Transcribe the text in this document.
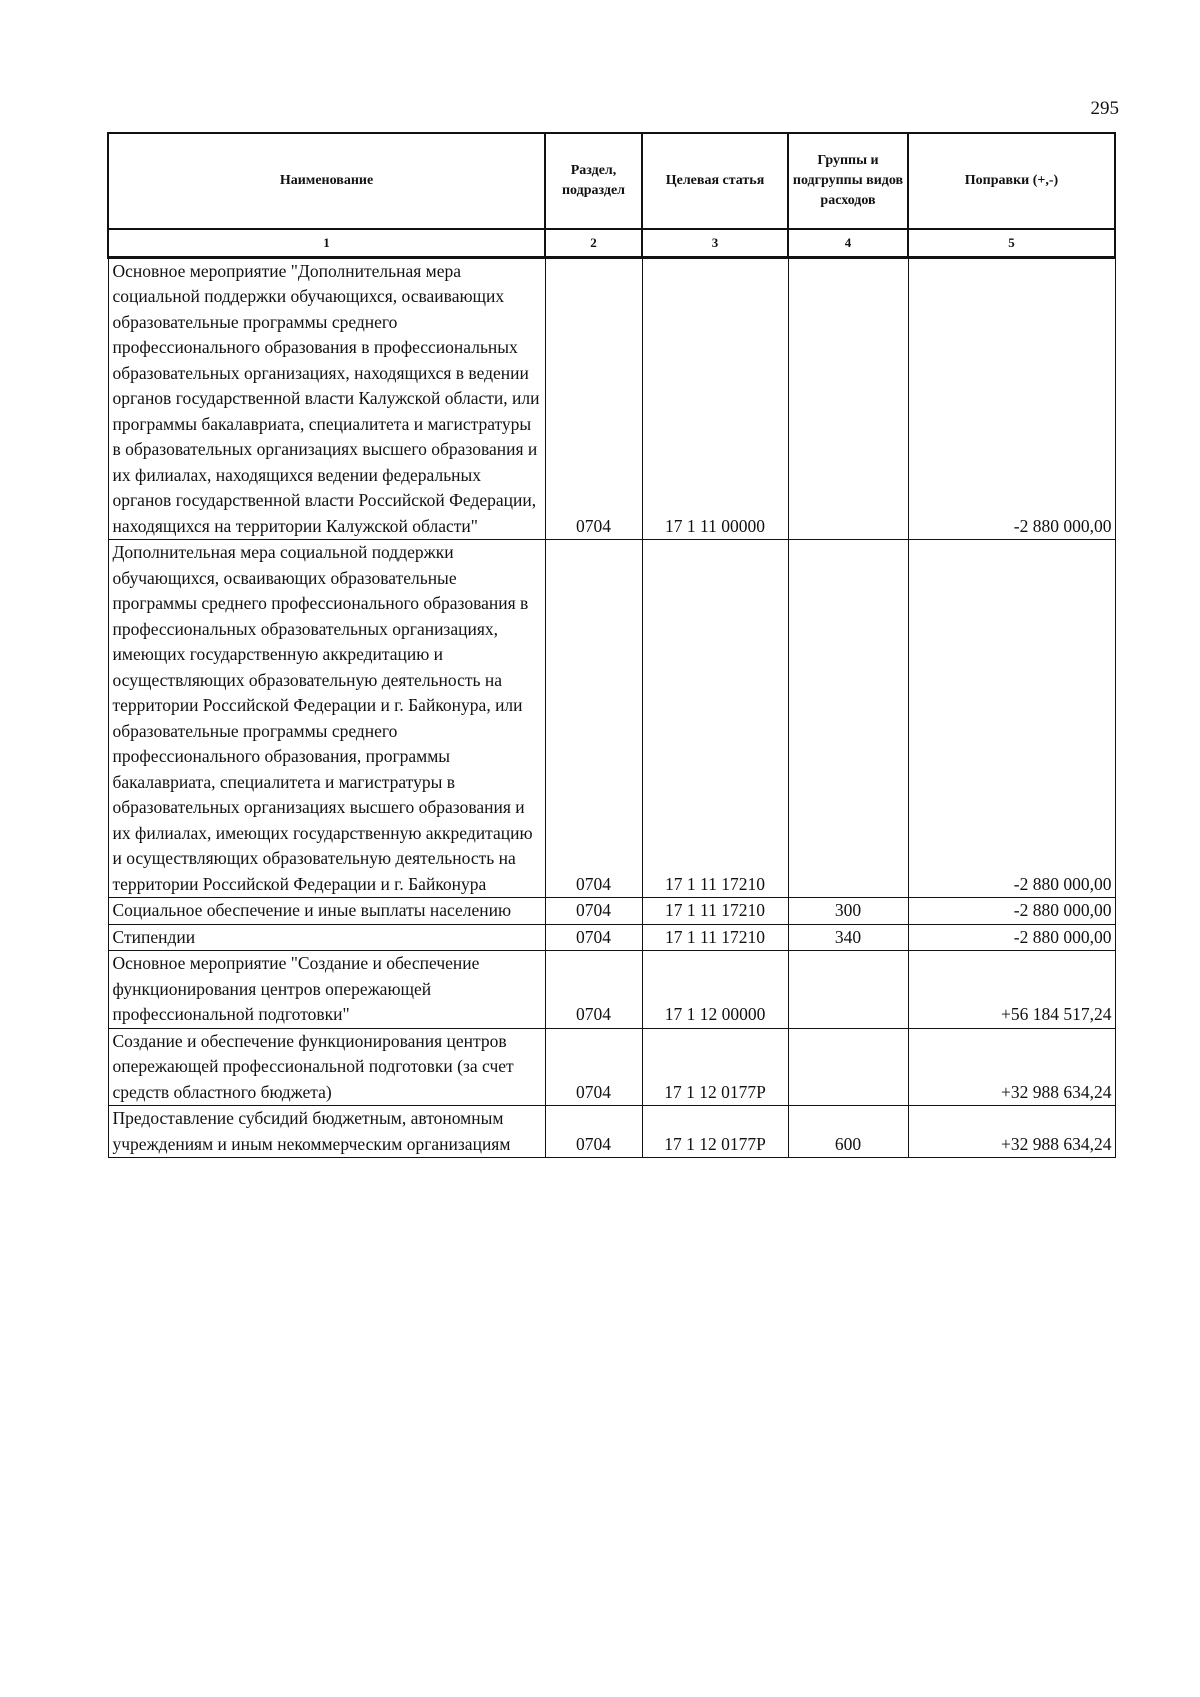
295
Наименование	Раздел, подраздел	Целевая статья	Группы и подгруппы видов расходов	Поправки (+,-)
1	2	3	4	5
Основное мероприятие "Дополнительная мера социальной поддержки обучающихся, осваивающих образовательные программы среднего профессионального образования в профессиональных образовательных организациях, находящихся в ведении органов государственной власти Калужской области, или программы бакалавриата, специалитета и магистратуры в образовательных организациях высшего образования и их филиалах, находящихся ведении федеральных органов государственной власти Российской Федерации, находящихся на территории Калужской области"	0704	17 1 11 00000		-2 880 000,00
Дополнительная мера социальной поддержки обучающихся, осваивающих образовательные программы среднего профессионального образования в профессиональных образовательных организациях, имеющих государственную аккредитацию и осуществляющих образовательную деятельность на территории Российской Федерации и г. Байконура, или образовательные программы среднего профессионального образования, программы бакалавриата, специалитета и магистратуры в образовательных организациях высшего образования и их филиалах, имеющих государственную аккредитацию и осуществляющих образовательную деятельность на территории Российской Федерации и г. Байконура	0704	17 1 11 17210		-2 880 000,00
Социальное обеспечение и иные выплаты населению	0704	17 1 11 17210	300	-2 880 000,00
Стипендии	0704	17 1 11 17210	340	-2 880 000,00
Основное мероприятие "Создание и обеспечение функционирования центров опережающей профессиональной подготовки"	0704	17 1 12 00000		+56 184 517,24
Создание и обеспечение функционирования центров опережающей профессиональной подготовки (за счет средств областного бюджета)	0704	17 1 12 0177Р		+32 988 634,24
Предоставление субсидий бюджетным, автономным учреждениям и иным некоммерческим организациям	0704	17 1 12 0177Р	600	+32 988 634,24
